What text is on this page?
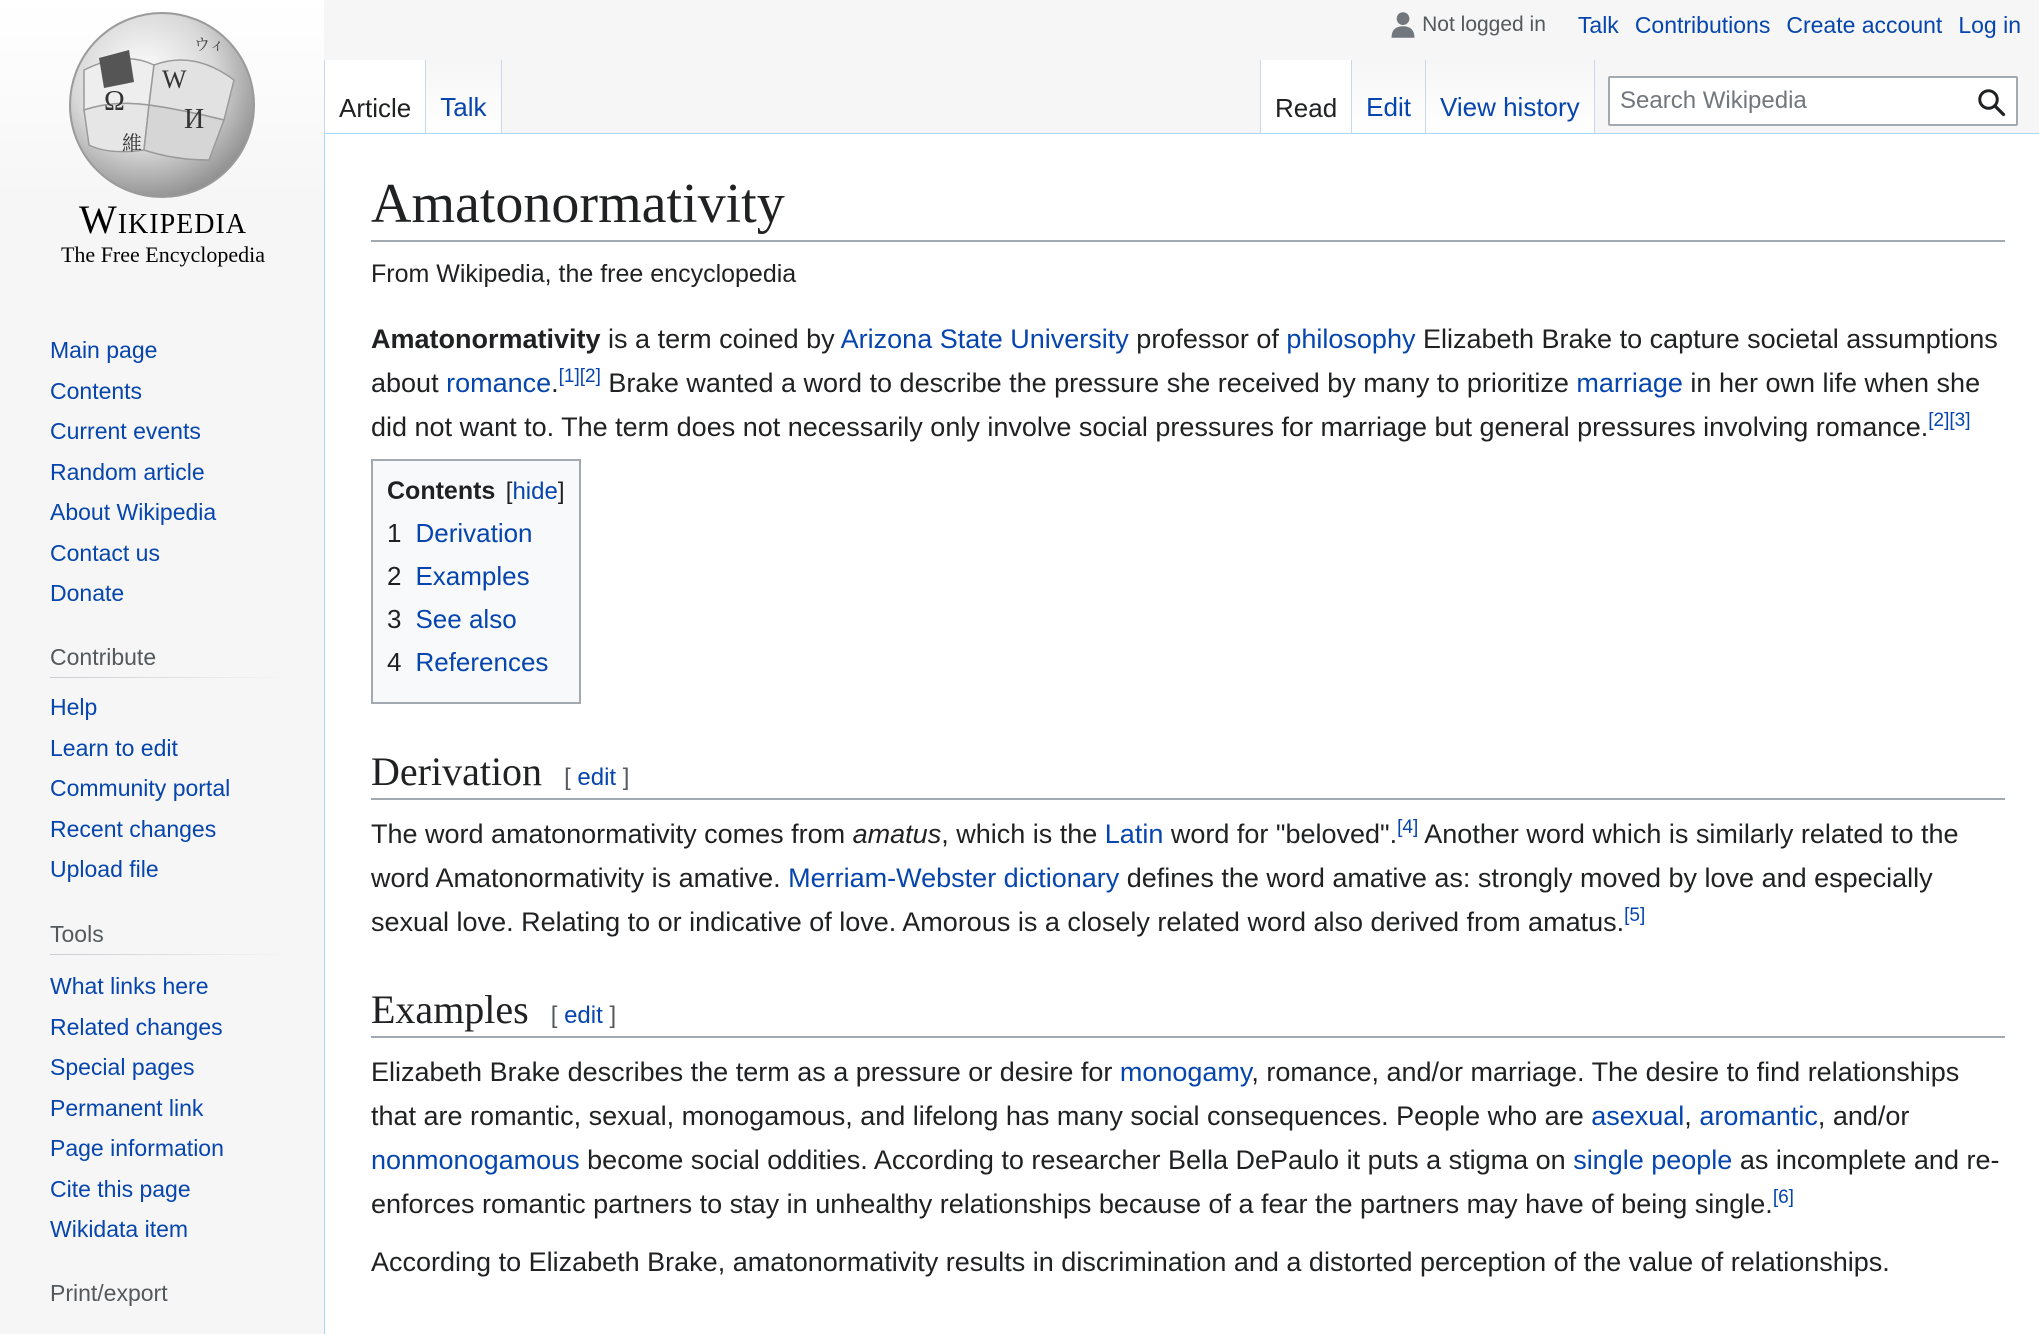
Ω
W
И
維
ウィ
Wikipedia
The Free Encyclopedia
Main page
Contents
Current events
Random article
About Wikipedia
Contact us
Donate
Contribute
Help
Learn to edit
Community portal
Recent changes
Upload file
Tools
What links here
Related changes
Special pages
Permanent link
Page information
Cite this page
Wikidata item
Print/export
Not logged in Talk Contributions Create account Log in
Article	Talk	Read	Edit	View history
Search Wikipedia
Amatonormativity
From Wikipedia, the free encyclopedia

Amatonormativity is a term coined by Arizona State University professor of philosophy Elizabeth Brake to capture societal assumptions about romance.[1][2] Brake wanted a word to describe the pressure she received by many to prioritize marriage in her own life when she did not want to. The term does not necessarily only involve social pressures for marriage but general pressures involving romance.[2][3]

Contents [hide]
1 Derivation
2 Examples
3 See also
4 References
Derivation [ edit ]

The word amatonormativity comes from amatus, which is the Latin word for "beloved".[4] Another word which is similarly related to the word Amatonormativity is amative. Merriam-Webster dictionary defines the word amative as: strongly moved by love and especially sexual love. Relating to or indicative of love. Amorous is a closely related word also derived from amatus.[5]

Examples [ edit ]

Elizabeth Brake describes the term as a pressure or desire for monogamy, romance, and/or marriage. The desire to find relationships that are romantic, sexual, monogamous, and lifelong has many social consequences. People who are asexual, aromantic, and/or nonmonogamous become social oddities. According to researcher Bella DePaulo it puts a stigma on single people as incomplete and re-enforces romantic partners to stay in unhealthy relationships because of a fear the partners may have of being single.[6]

According to Elizabeth Brake, amatonormativity results in discrimination and a distorted perception of the value of relationships.
